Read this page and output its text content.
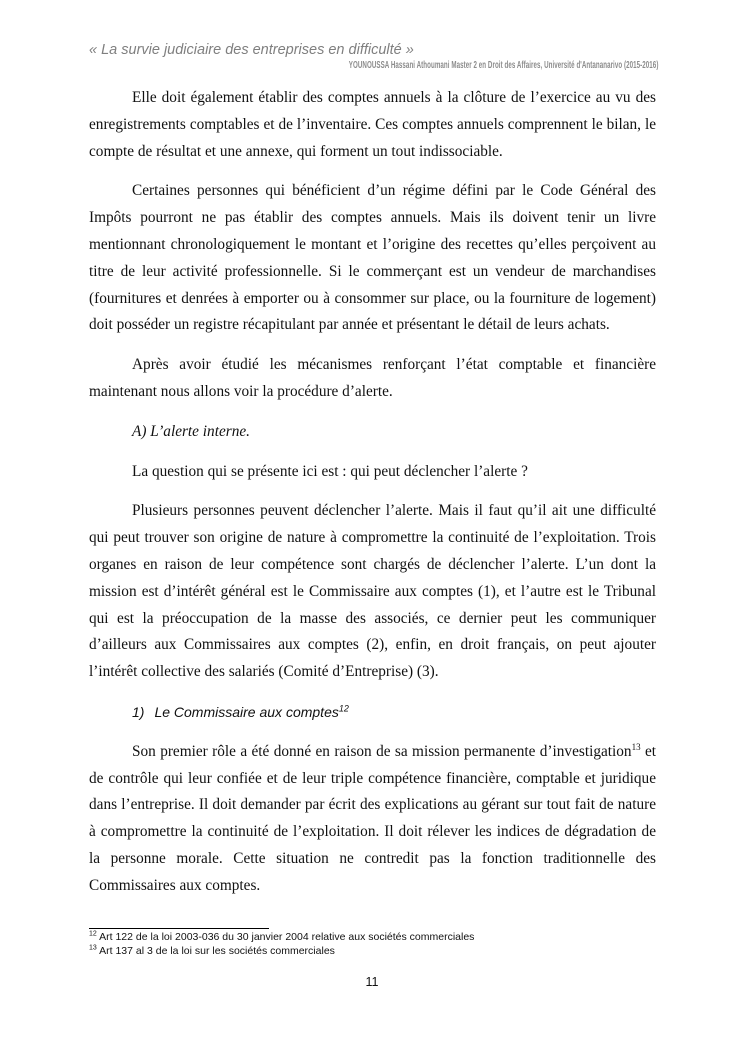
« La survie judiciaire des entreprises en difficulté »
YOUNOUSSA Hassani Athoumani Master 2 en Droit des Affaires, Université d'Antananarivo (2015-2016)

Elle doit également établir des comptes annuels à la clôture de l’exercice au vu des enregistrements comptables et de l’inventaire. Ces comptes annuels comprennent le bilan, le compte de résultat et une annexe, qui forment un tout indissociable.

Certaines personnes qui bénéficient d’un régime défini par le Code Général des Impôts pourront ne pas établir des comptes annuels. Mais ils doivent tenir un livre mentionnant chronologiquement le montant et l’origine des recettes qu’elles perçoivent au titre de leur activité professionnelle. Si le commerçant est un vendeur de marchandises (fournitures et denrées à emporter ou à consommer sur place, ou la fourniture de logement) doit posséder un registre récapitulant par année et présentant le détail de leurs achats.

Après avoir étudié les mécanismes renforçant l’état comptable et financière maintenant nous allons voir la procédure d’alerte.

A) L’alerte interne.

La question qui se présente ici est : qui peut déclencher l’alerte ?

Plusieurs personnes peuvent déclencher l’alerte. Mais il faut qu’il ait une difficulté qui peut trouver son origine de nature à compromettre la continuité de l’exploitation. Trois organes en raison de leur compétence sont chargés de déclencher l’alerte. L’un dont la mission est d’intérêt général est le Commissaire aux comptes (1), et l’autre est le Tribunal qui est la préoccupation de la masse des associés, ce dernier peut les communiquer d’ailleurs aux Commissaires aux comptes (2), enfin, en droit français, on peut ajouter l’intérêt collective des salariés (Comité d’Entreprise) (3).

1) Le Commissaire aux comptes$^{12}$

Son premier rôle a été donné en raison de sa mission permanente d’investigation$^{13}$ et de contrôle qui leur confiée et de leur triple compétence financière, comptable et juridique dans l’entreprise. Il doit demander par écrit des explications au gérant sur tout fait de nature à compromettre la continuité de l’exploitation. Il doit rélever les indices de dégradation de la personne morale. Cette situation ne contredit pas la fonction traditionnelle des Commissaires aux comptes.

$^{12}$ Art 122 de la loi 2003-036 du 30 janvier 2004 relative aux sociétés commerciales
$^{13}$ Art 137 al 3 de la loi sur les sociétés commerciales
11
